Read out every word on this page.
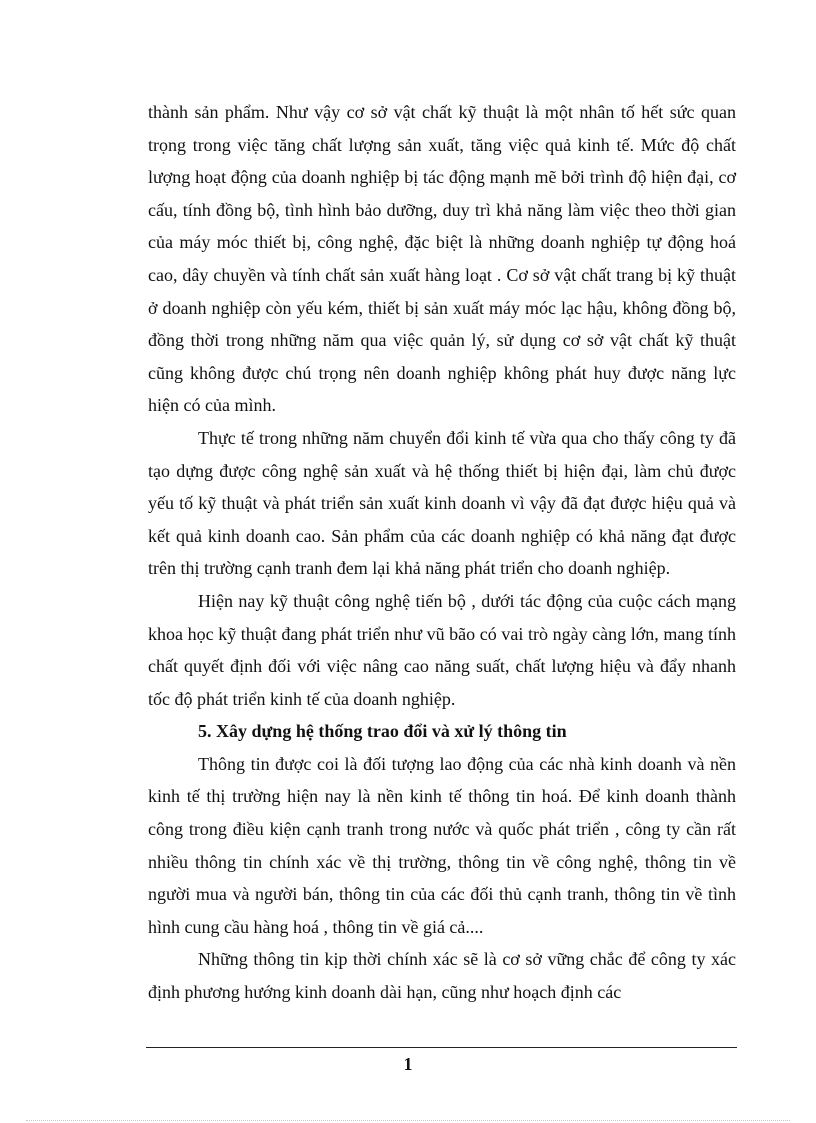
thành sản phẩm. Như vậy cơ sở vật chất kỹ thuật là một nhân tố hết sức quan trọng trong việc tăng chất lượng sản xuất, tăng việc quả kinh tế. Mức độ chất lượng hoạt động của doanh nghiệp bị tác động mạnh mẽ bởi trình độ hiện đại, cơ cấu, tính đồng bộ, tình hình bảo dưỡng, duy trì khả năng làm việc theo thời gian của máy móc thiết bị, công nghệ, đặc biệt là những doanh nghiệp tự động hoá cao, dây chuyền và tính chất sản xuất hàng loạt . Cơ sở vật chất trang bị kỹ thuật ở doanh nghiệp còn yếu kém, thiết bị sản xuất máy móc lạc hậu, không đồng bộ, đồng thời trong những năm qua việc quản lý, sử dụng cơ sở vật chất kỹ thuật cũng không được chú trọng nên doanh nghiệp không phát huy được năng lực hiện có của mình.

Thực tế trong những năm chuyển đổi kinh tế vừa qua cho thấy công ty đã tạo dựng được công nghệ sản xuất và hệ thống thiết bị hiện đại, làm chủ được yếu tố kỹ thuật và phát triển sản xuất kinh doanh vì vậy đã đạt được hiệu quả và kết quả kinh doanh cao. Sản phẩm của các doanh nghiệp có khả năng đạt được trên thị trường cạnh tranh đem lại khả năng phát triển cho doanh nghiệp.

Hiện nay kỹ thuật công nghệ tiến bộ , dưới tác động của cuộc cách mạng khoa học kỹ thuật đang phát triển như vũ bão có vai trò ngày càng lớn, mang tính chất quyết định đối với việc nâng cao năng suất, chất lượng hiệu và đẩy nhanh tốc độ phát triển kinh tế của doanh nghiệp.

5. Xây dựng hệ thống trao đổi và xử lý thông tin

Thông tin được coi là đối tượng lao động của các nhà kinh doanh và nền kinh tế thị trường hiện nay là nền kinh tế thông tin hoá. Để kinh doanh thành công trong điều kiện cạnh tranh trong nước và quốc phát triển , công ty cần rất nhiều thông tin chính xác về thị trường, thông tin về công nghệ, thông tin về người mua và người bán, thông tin của các đối thủ cạnh tranh, thông tin về tình hình cung cầu hàng hoá , thông tin về giá cả....

Những thông tin kịp thời chính xác sẽ là cơ sở vững chắc để công ty xác định phương hướng kinh doanh dài hạn, cũng như hoạch định các

1
